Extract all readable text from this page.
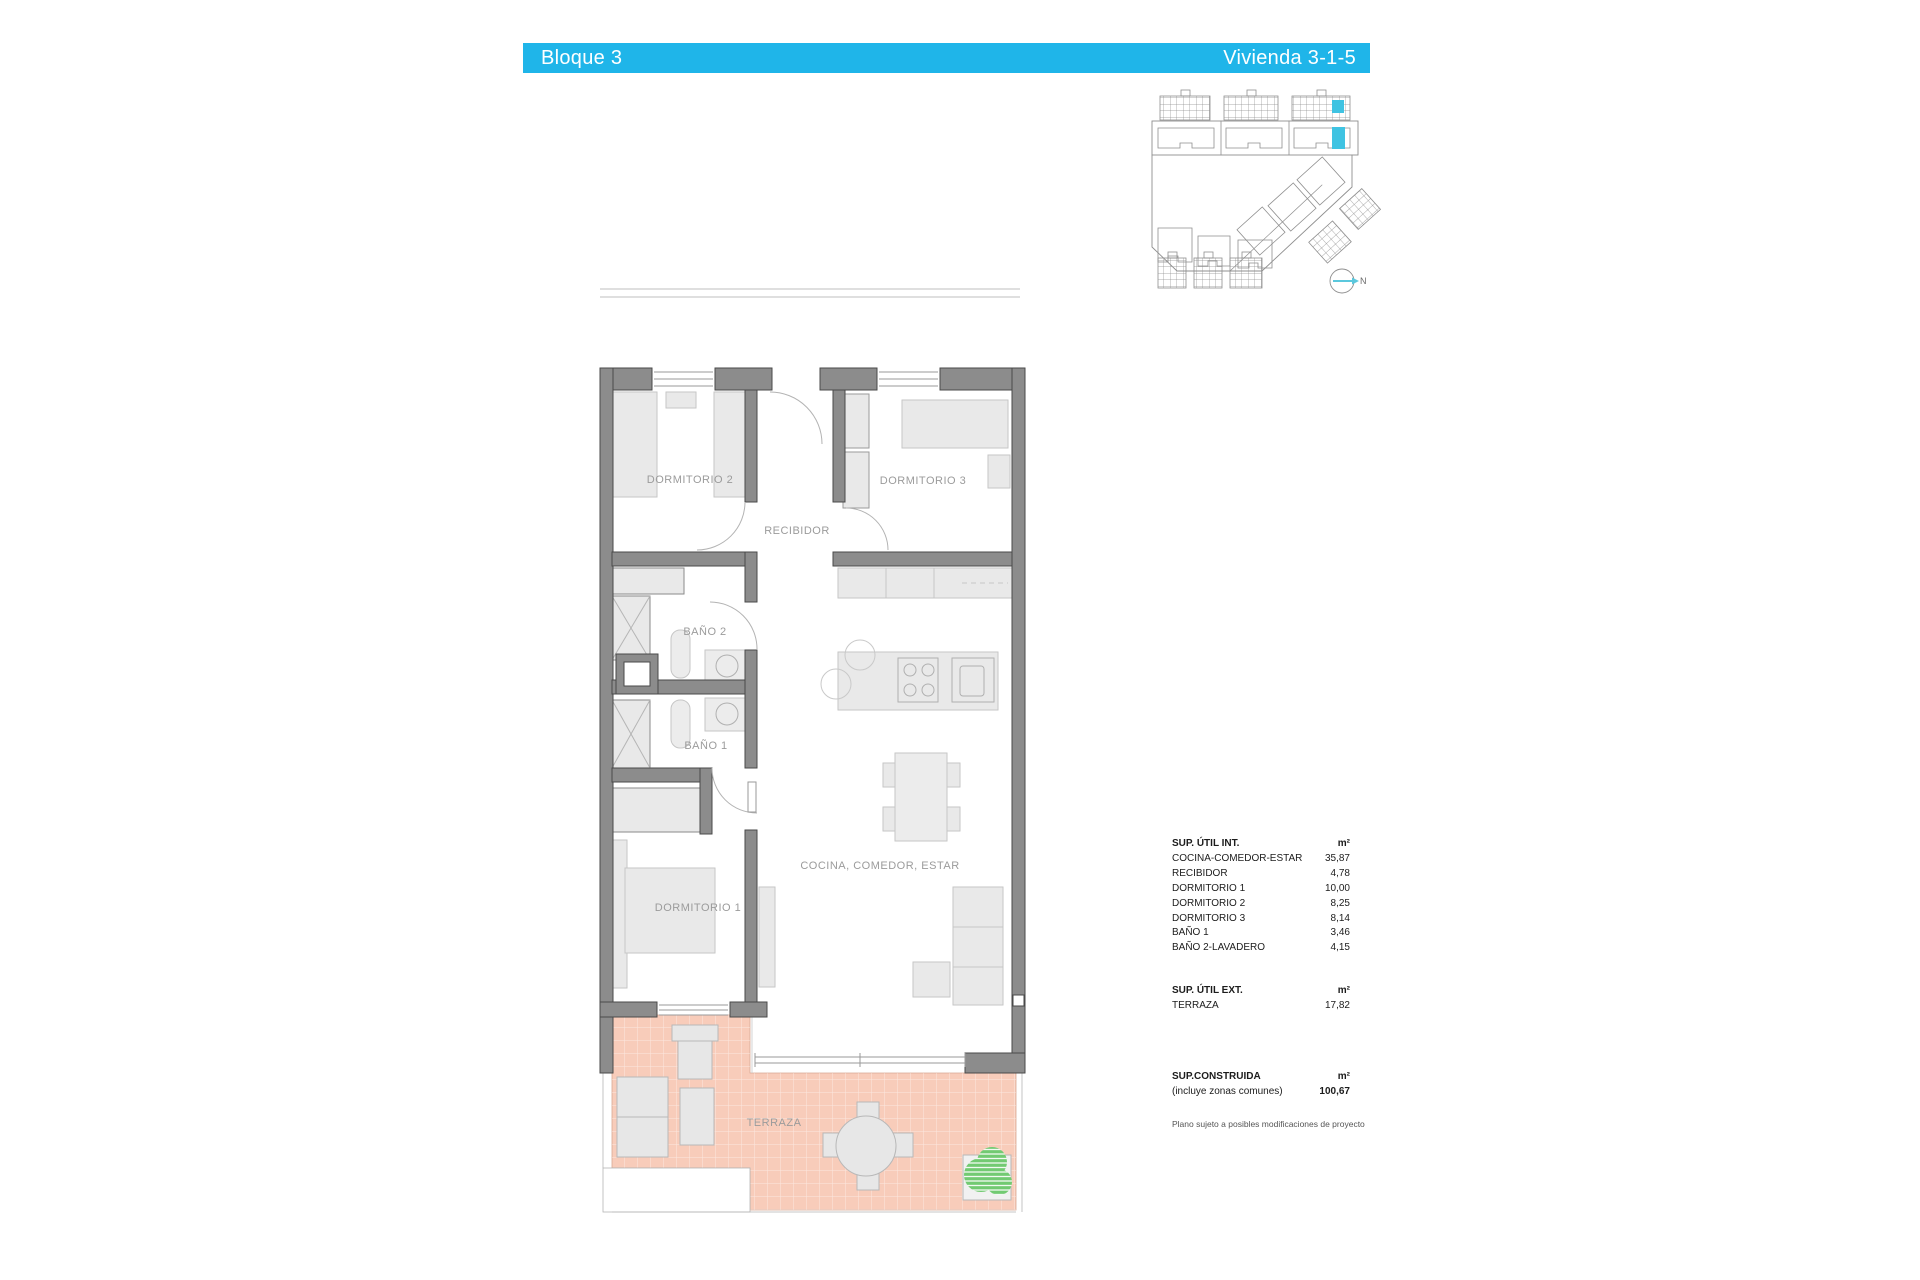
Bloque 3	Vivienda 3-1-5
DORMITORIO 2	DORMITORIO 3
RECIBIDOR
BAÑO 2
BAÑO 1
DORMITORIO 1
COCINA, COMEDOR, ESTAR
TERRAZA
N
SUP. ÚTIL INT.	m²
COCINA-COMEDOR-ESTAR 35,87
RECIBIDOR	4,78
DORMITORIO 1	10,00
DORMITORIO 2	8,25
DORMITORIO 3	8,14
BAÑO 1	3,46
BAÑO 2-LAVADERO	4,15
SUP. ÚTIL EXT.	m²
TERRAZA	17,82
SUP.CONSTRUIDA	m²
(incluye zonas comunes)	100,67
Plano sujeto a posibles modificaciones de proyecto
